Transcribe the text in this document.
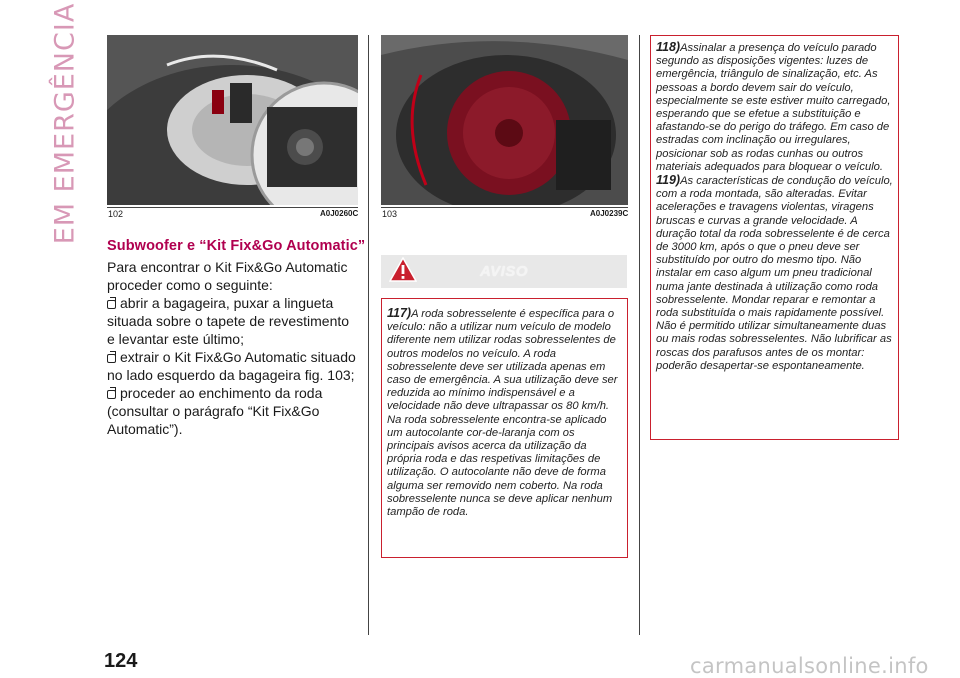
EM EMERGÊNCIA	102	A0J0260C	103	A0J0239C
Subwoofer e “Kit Fix&Go Automatic”

Para encontrar o Kit Fix&Go Automatic proceder como o seguinte:

abrir a bagageira, puxar a lingueta situada sobre o tapete de revestimento e levantar este último;

extrair o Kit Fix&Go Automatic situado no lado esquerdo da bagageira fig. 103;

proceder ao enchimento da roda (consultar o parágrafo “Kit Fix&Go Automatic”).

AVISO

117)A roda sobresselente é específica para o veículo: não a utilizar num veículo de modelo diferente nem utilizar rodas sobresselentes de outros modelos no veículo. A roda sobresselente deve ser utilizada apenas em caso de emergência. A sua utilização deve ser reduzida ao mínimo indispensável e a velocidade não deve ultrapassar os 80 km/h. Na roda sobresselente encontra-se aplicado um autocolante cor-de-laranja com os principais avisos acerca da utilização da própria roda e das respetivas limitações de utilização. O autocolante não deve de forma alguma ser removido nem coberto. Na roda sobresselente nunca se deve aplicar nenhum tampão de roda.

118)Assinalar a presença do veículo parado segundo as disposições vigentes: luzes de emergência, triângulo de sinalização, etc. As pessoas a bordo devem sair do veículo, especialmente se este estiver muito carregado, esperando que se efetue a substituição e afastando-se do perigo do tráfego. Em caso de estradas com inclinação ou irregulares, posicionar sob as rodas cunhas ou outros materiais adequados para bloquear o veículo.

119)As características de condução do veículo, com a roda montada, são alteradas. Evitar acelerações e travagens violentas, viragens bruscas e curvas a grande velocidade. A duração total da roda sobresselente é de cerca de 3000 km, após o que o pneu deve ser substituído por outro do mesmo tipo. Não instalar em caso algum um pneu tradicional numa jante destinada à utilização como roda sobresselente. Mondar reparar e remontar a roda substituída o mais rapidamente possível. Não é permitido utilizar simultaneamente duas ou mais rodas sobresselentes. Não lubrificar as roscas dos parafusos antes de os montar: poderão desapertar-se espontaneamente.

124	carmanualsonline.info
